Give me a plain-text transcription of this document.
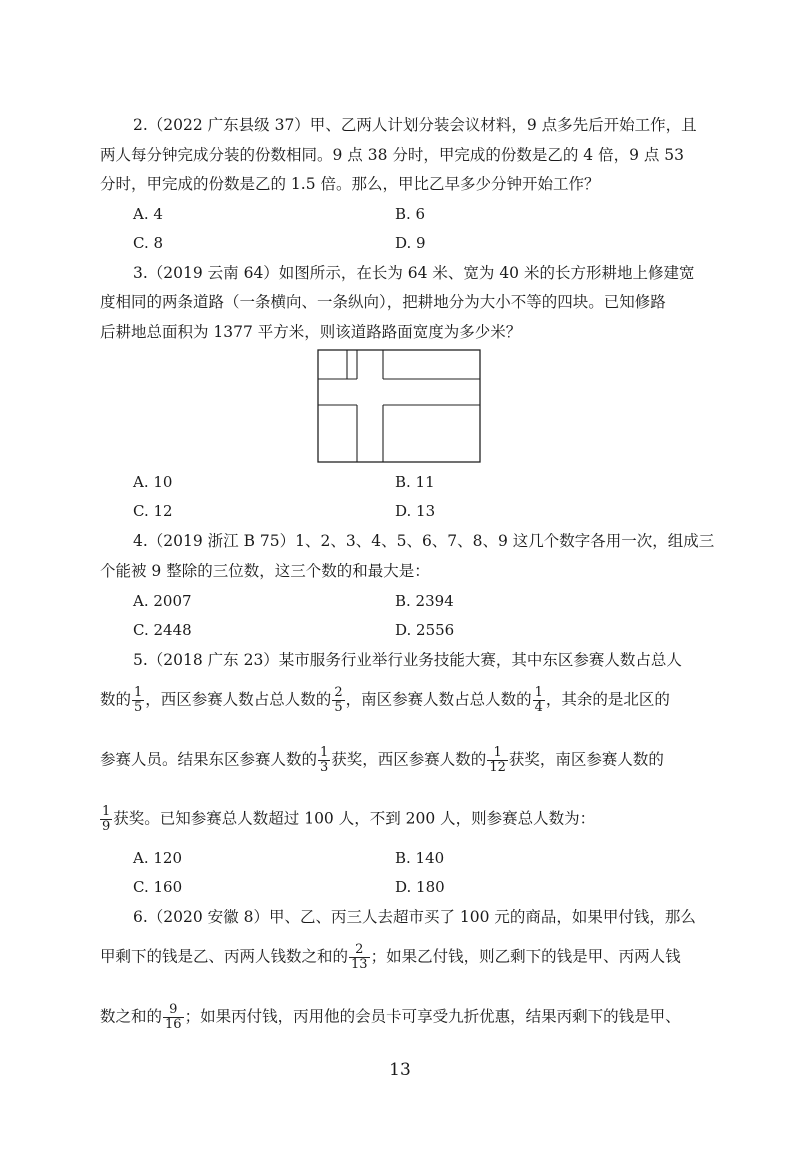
2.（2022 广东县级 37）甲、乙两人计划分装会议材料，9 点多先后开始工作，且
两人每分钟完成分装的份数相同。9 点 38 分时，甲完成的份数是乙的 4 倍，9 点 53
分时，甲完成的份数是乙的 1.5 倍。那么，甲比乙早多少分钟开始工作？
A. 4	B. 6
C. 8	D. 9
3.（2019 云南 64）如图所示，在长为 64 米、宽为 40 米的长方形耕地上修建宽
度相同的两条道路（一条横向、一条纵向），把耕地分为大小不等的四块。已知修路
后耕地总面积为 1377 平方米，则该道路路面宽度为多少米？
A. 10	B. 11
C. 12	D. 13
4.（2019 浙江 B 75）1、2、3、4、5、6、7、8、9 这几个数字各用一次，组成三
个能被 9 整除的三位数，这三个数的和最大是：
A. 2007	B. 2394
C. 2448	D. 2556
5.（2018 广东 23）某市服务行业举行业务技能大赛，其中东区参赛人数占总人
数的 $\frac{1}{5}$ ，西区参赛人数占总人数的 $\frac{2}{5}$ ，南区参赛人数占总人数的 $\frac{1}{4}$ ，其余的是北区的
参赛人员。结果东区参赛人数的 $\frac{1}{3}$ 获奖，西区参赛人数的 $\frac{1}{12}$ 获奖，南区参赛人数的
$\frac{1}{9}$ 获奖。已知参赛总人数超过 100 人，不到 200 人，则参赛总人数为：
A. 120	B. 140
C. 160	D. 180
6.（2020 安徽 8）甲、乙、丙三人去超市买了 100 元的商品，如果甲付钱，那么
甲剩下的钱是乙、丙两人钱数之和的 $\frac{2}{13}$ ；如果乙付钱，则乙剩下的钱是甲、丙两人钱
数之和的 $\frac{9}{16}$ ；如果丙付钱，丙用他的会员卡可享受九折优惠，结果丙剩下的钱是甲、
13
